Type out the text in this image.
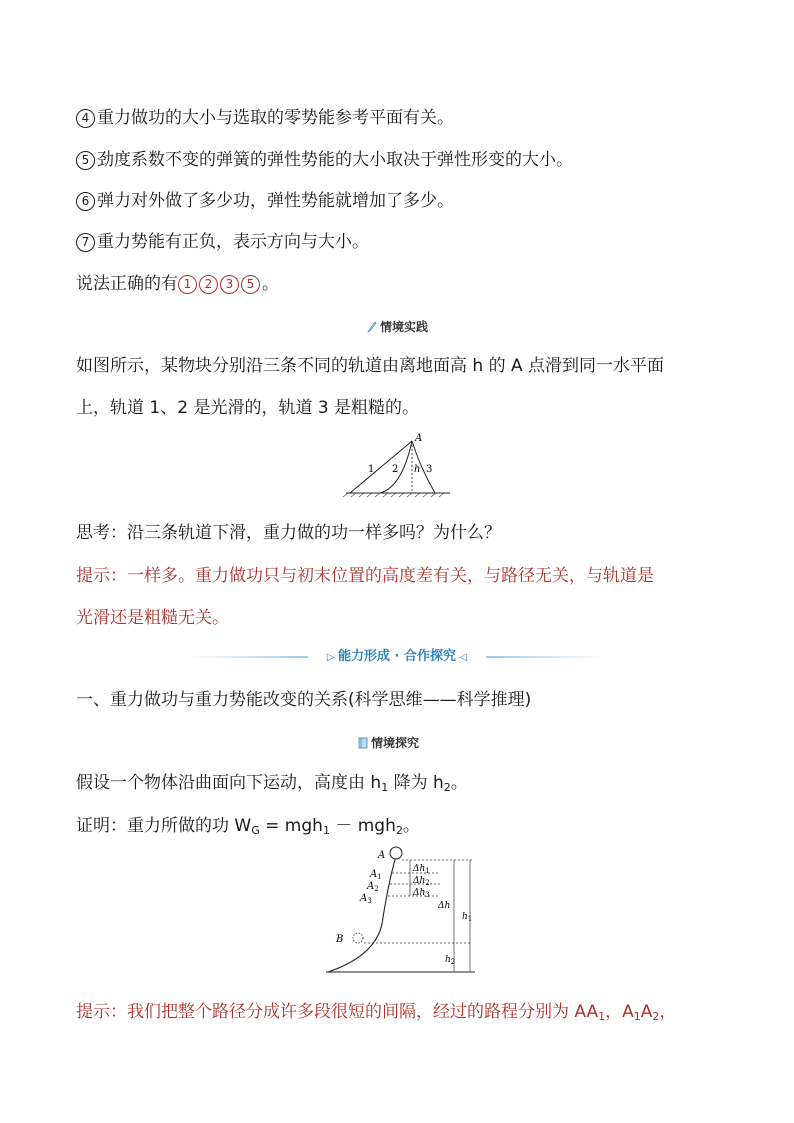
4 重力做功的大小与选取的零势能参考平面有关。
5 劲度系数不变的弹簧的弹性势能的大小取决于弹性形变的大小。
6 弹力对外做了多少功，弹性势能就增加了多少。
7 重力势能有正负，表示方向与大小。
说法正确的有 1 2 3 5 。
情境实践
如图所示，某物块分别沿三条不同的轨道由离地面高 h 的 A 点滑到同一水平面
上，轨道 1、2 是光滑的，轨道 3 是粗糙的。
A
h
1 2	3
思考：沿三条轨道下滑，重力做的功一样多吗？为什么？
提示：一样多。重力做功只与初末位置的高度差有关，与路径无关，与轨道是
光滑还是粗糙无关。
▷ 能力形成 · 合作探究 ◁
一、重力做功与重力势能改变的关系(科学思维——科学推理)
情境探究
假设一个物体沿曲面向下运动，高度由 $h_1$ 降为 $h_2$。
证明：重力所做的功 $W_G = mgh_1 - mgh_2$。
A
$A_1$
$A_2$
$A_3$
B
$\Delta h_1$
$\Delta h_2$
$\Delta h_3$
Δh
$h_1$
$h_2$
提示：我们把整个路径分成许多段很短的间隔，经过的路程分别为 $AA_1$，$A_1A_2$，
